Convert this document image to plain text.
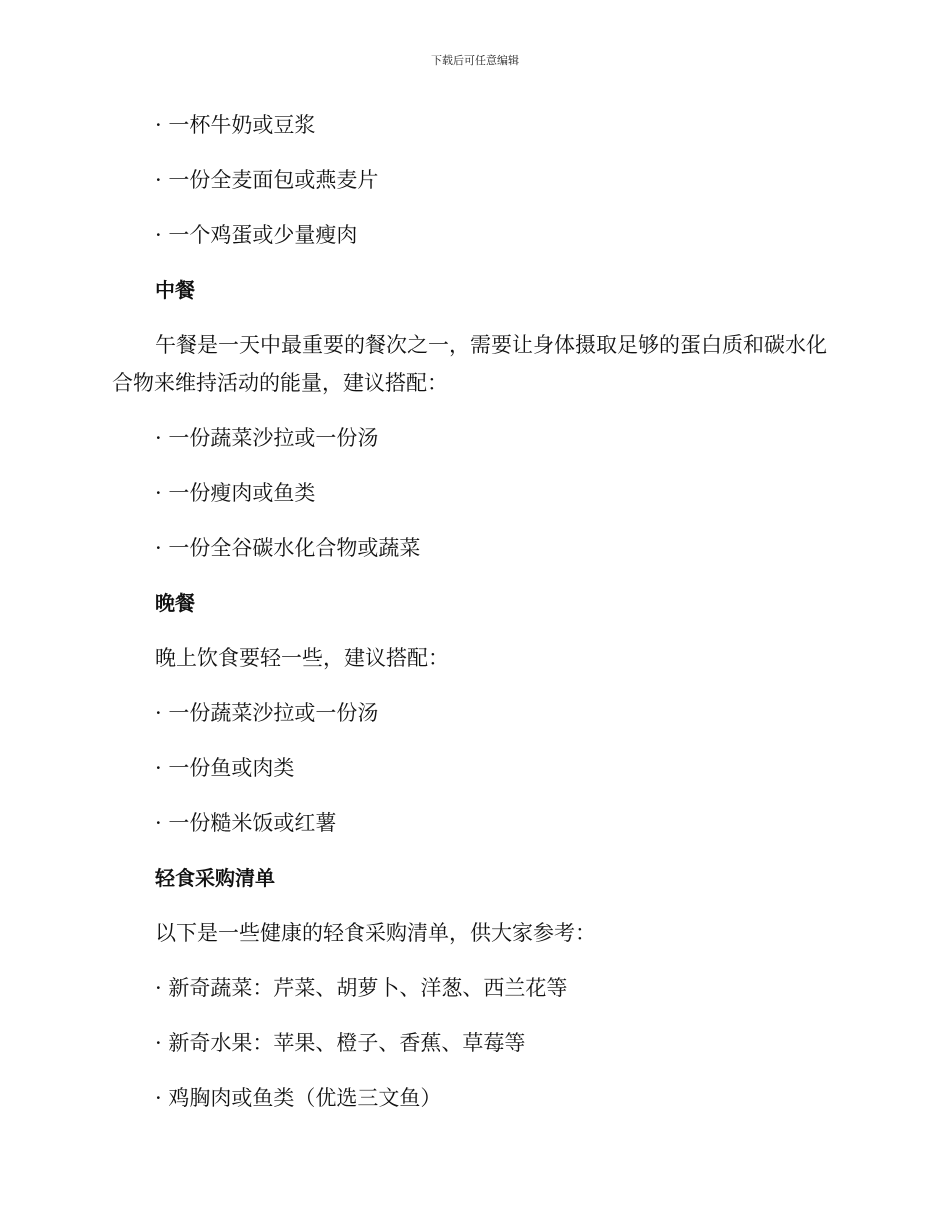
下载后可任意编辑
· 一杯牛奶或豆浆
· 一份全麦面包或燕麦片
· 一个鸡蛋或少量瘦肉
中餐
午餐是一天中最重要的餐次之一，需要让身体摄取足够的蛋白质和碳水化合物来维持活动的能量，建议搭配：
· 一份蔬菜沙拉或一份汤
· 一份瘦肉或鱼类
· 一份全谷碳水化合物或蔬菜
晚餐
晚上饮食要轻一些，建议搭配：
· 一份蔬菜沙拉或一份汤
· 一份鱼或肉类
· 一份糙米饭或红薯
轻食采购清单
以下是一些健康的轻食采购清单，供大家参考：
· 新奇蔬菜：芹菜、胡萝卜、洋葱、西兰花等
· 新奇水果：苹果、橙子、香蕉、草莓等
· 鸡胸肉或鱼类（优选三文鱼）
